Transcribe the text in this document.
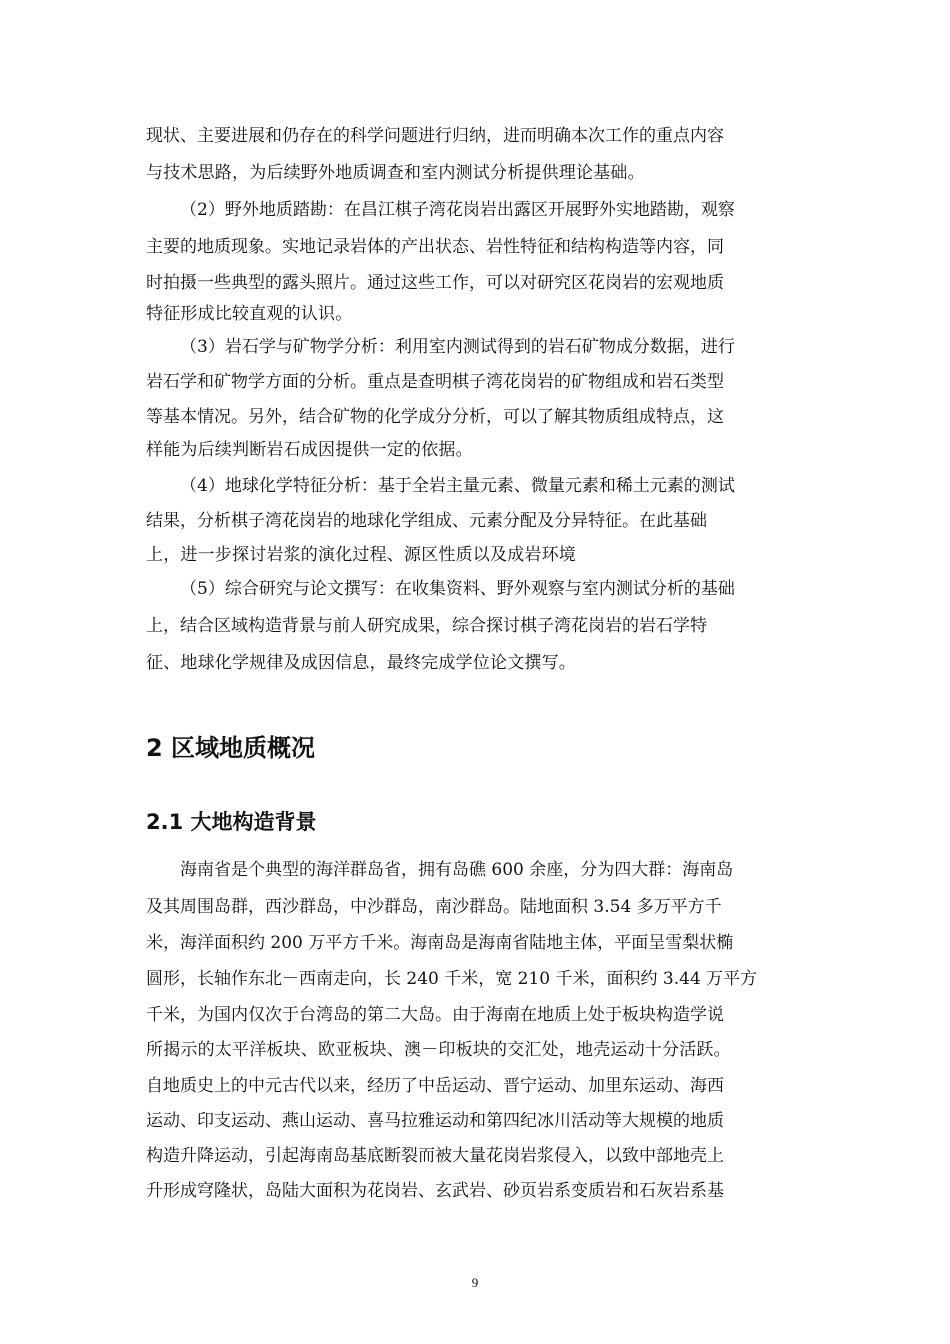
现状、主要进展和仍存在的科学问题进行归纳，进而明确本次工作的重点内容
与技术思路，为后续野外地质调查和室内测试分析提供理论基础。
（2）野外地质踏勘：在昌江棋子湾花岗岩出露区开展野外实地踏勘，观察
主要的地质现象。实地记录岩体的产出状态、岩性特征和结构构造等内容，同
时拍摄一些典型的露头照片。通过这些工作，可以对研究区花岗岩的宏观地质
特征形成比较直观的认识。
（3）岩石学与矿物学分析：利用室内测试得到的岩石矿物成分数据，进行
岩石学和矿物学方面的分析。重点是查明棋子湾花岗岩的矿物组成和岩石类型
等基本情况。另外，结合矿物的化学成分分析，可以了解其物质组成特点，这
样能为后续判断岩石成因提供一定的依据。
（4）地球化学特征分析：基于全岩主量元素、微量元素和稀土元素的测试
结果，分析棋子湾花岗岩的地球化学组成、元素分配及分异特征。在此基础
上，进一步探讨岩浆的演化过程、源区性质以及成岩环境
（5）综合研究与论文撰写：在收集资料、野外观察与室内测试分析的基础
上，结合区域构造背景与前人研究成果，综合探讨棋子湾花岗岩的岩石学特
征、地球化学规律及成因信息，最终完成学位论文撰写。
2 区域地质概况
2.1 大地构造背景
海南省是个典型的海洋群岛省，拥有岛礁 600 余座，分为四大群：海南岛
及其周围岛群，西沙群岛，中沙群岛，南沙群岛。陆地面积 3.54 多万平方千
米，海洋面积约 200 万平方千米。海南岛是海南省陆地主体，平面呈雪梨状椭
圆形，长轴作东北－西南走向，长 240 千米，宽 210 千米，面积约 3.44 万平方
千米，为国内仅次于台湾岛的第二大岛。由于海南在地质上处于板块构造学说
所揭示的太平洋板块、欧亚板块、澳－印板块的交汇处，地壳运动十分活跃。
自地质史上的中元古代以来，经历了中岳运动、晋宁运动、加里东运动、海西
运动、印支运动、燕山运动、喜马拉雅运动和第四纪冰川活动等大规模的地质
构造升降运动，引起海南岛基底断裂而被大量花岗岩浆侵入，以致中部地壳上
升形成穹隆状，岛陆大面积为花岗岩、玄武岩、砂页岩系变质岩和石灰岩系基
9
